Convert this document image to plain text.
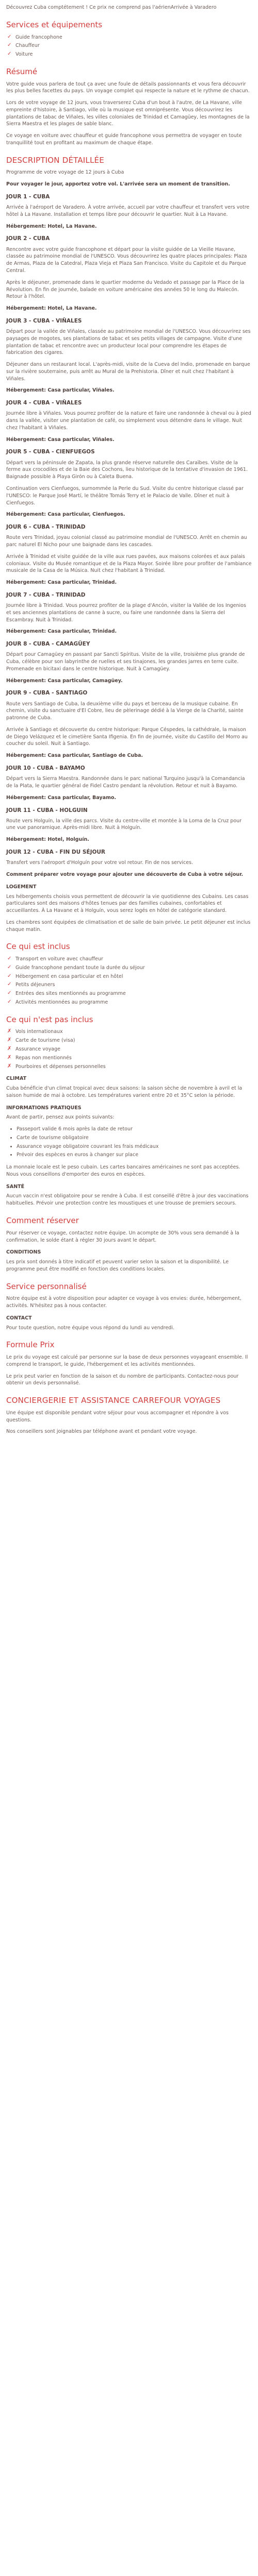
Découvrez Cuba comptétement ! Ce prix ne comprend pas l'aérienArrivée à Varadero

Services et équipements
✓ Guide francophone
✓ Chauffeur
✓ Voiture
Résumé

Votre guide vous parlera de tout ça avec une foule de détails passionnants et vous fera découvrir les plus belles facettes du pays. Un voyage complet qui respecte la nature et le rythme de chacun.

Lors de votre voyage de 12 jours, vous traverserez Cuba d'un bout à l'autre, de La Havane, ville empreinte d'histoire, à Santiago, ville où la musique est omniprésente. Vous découvrirez les plantations de tabac de Viñales, les villes coloniales de Trinidad et Camagüey, les montagnes de la Sierra Maestra et les plages de sable blanc.

Ce voyage en voiture avec chauffeur et guide francophone vous permettra de voyager en toute tranquillité tout en profitant au maximum de chaque étape.

DESCRIPTION DÉTAILLÉE

Programme de votre voyage de 12 jours à Cuba

Pour voyager le jour, apportez votre vol. L'arrivée sera un moment de transition.

JOUR 1 - CUBA

Arrivée à l'aéroport de Varadero. À votre arrivée, accueil par votre chauffeur et transfert vers votre hôtel à La Havane. Installation et temps libre pour découvrir le quartier. Nuit à La Havane.

Hébergement: Hotel, La Havane.

JOUR 2 - CUBA

Rencontre avec votre guide francophone et départ pour la visite guidée de La Vieille Havane, classée au patrimoine mondial de l'UNESCO. Vous découvrirez les quatre places principales: Plaza de Armas, Plaza de la Catedral, Plaza Vieja et Plaza San Francisco. Visite du Capitole et du Parque Central.

Après le déjeuner, promenade dans le quartier moderne du Vedado et passage par la Place de la Révolution. En fin de journée, balade en voiture américaine des années 50 le long du Malecón. Retour à l'hôtel.

Hébergement: Hotel, La Havane.

JOUR 3 - CUBA - VIÑALES

Départ pour la vallée de Viñales, classée au patrimoine mondial de l'UNESCO. Vous découvrirez ses paysages de mogotes, ses plantations de tabac et ses petits villages de campagne. Visite d'une plantation de tabac et rencontre avec un producteur local pour comprendre les étapes de fabrication des cigares.

Déjeuner dans un restaurant local. L'après-midi, visite de la Cueva del Indio, promenade en barque sur la rivière souterraine, puis arrêt au Mural de la Prehistoria. Dîner et nuit chez l'habitant à Viñales.

Hébergement: Casa particular, Viñales.

JOUR 4 - CUBA - VIÑALES

Journée libre à Viñales. Vous pourrez profiter de la nature et faire une randonnée à cheval ou à pied dans la vallée, visiter une plantation de café, ou simplement vous détendre dans le village. Nuit chez l'habitant à Viñales.

Hébergement: Casa particular, Viñales.

JOUR 5 - CUBA - CIENFUEGOS

Départ vers la péninsule de Zapata, la plus grande réserve naturelle des Caraïbes. Visite de la ferme aux crocodiles et de la Baie des Cochons, lieu historique de la tentative d'invasion de 1961. Baignade possible à Playa Girón ou à Caleta Buena.

Continuation vers Cienfuegos, surnommée la Perle du Sud. Visite du centre historique classé par l'UNESCO: le Parque José Martí, le théâtre Tomás Terry et le Palacio de Valle. Dîner et nuit à Cienfuegos.

Hébergement: Casa particular, Cienfuegos.

JOUR 6 - CUBA - TRINIDAD

Route vers Trinidad, joyau colonial classé au patrimoine mondial de l'UNESCO. Arrêt en chemin au parc naturel El Nicho pour une baignade dans les cascades.

Arrivée à Trinidad et visite guidée de la ville aux rues pavées, aux maisons colorées et aux palais coloniaux. Visite du Musée romantique et de la Plaza Mayor. Soirée libre pour profiter de l'ambiance musicale de la Casa de la Música. Nuit chez l'habitant à Trinidad.

Hébergement: Casa particular, Trinidad.

JOUR 7 - CUBA - TRINIDAD

Journée libre à Trinidad. Vous pourrez profiter de la plage d'Ancón, visiter la Vallée de los Ingenios et ses anciennes plantations de canne à sucre, ou faire une randonnée dans la Sierra del Escambray. Nuit à Trinidad.

Hébergement: Casa particular, Trinidad.

JOUR 8 - CUBA - CAMAGÜEY

Départ pour Camagüey en passant par Sancti Spíritus. Visite de la ville, troisième plus grande de Cuba, célèbre pour son labyrinthe de ruelles et ses tinajones, les grandes jarres en terre cuite. Promenade en bicitaxi dans le centre historique. Nuit à Camagüey.

Hébergement: Casa particular, Camagüey.

JOUR 9 - CUBA - SANTIAGO

Route vers Santiago de Cuba, la deuxième ville du pays et berceau de la musique cubaine. En chemin, visite du sanctuaire d'El Cobre, lieu de pèlerinage dédié à la Vierge de la Charité, sainte patronne de Cuba.

Arrivée à Santiago et découverte du centre historique: Parque Céspedes, la cathédrale, la maison de Diego Velázquez et le cimetière Santa Ifigenia. En fin de journée, visite du Castillo del Morro au coucher du soleil. Nuit à Santiago.

Hébergement: Casa particular, Santiago de Cuba.

JOUR 10 - CUBA - BAYAMO

Départ vers la Sierra Maestra. Randonnée dans le parc national Turquino jusqu'à la Comandancia de la Plata, le quartier général de Fidel Castro pendant la révolution. Retour et nuit à Bayamo.

Hébergement: Casa particular, Bayamo.

JOUR 11 - CUBA - HOLGUIN

Route vers Holguín, la ville des parcs. Visite du centre-ville et montée à la Loma de la Cruz pour une vue panoramique. Après-midi libre. Nuit à Holguín.

Hébergement: Hotel, Holguín.

JOUR 12 - CUBA - FIN DU SÉJOUR

Transfert vers l'aéroport d'Holguín pour votre vol retour. Fin de nos services.

Comment préparer votre voyage pour ajouter une découverte de Cuba à votre séjour.

LOGEMENT

Les hébergements choisis vous permettent de découvrir la vie quotidienne des Cubains. Les casas particulares sont des maisons d'hôtes tenues par des familles cubaines, confortables et accueillantes. À La Havane et à Holguín, vous serez logés en hôtel de catégorie standard.

Les chambres sont équipées de climatisation et de salle de bain privée. Le petit déjeuner est inclus chaque matin.

Ce qui est inclus
✓ Transport en voiture avec chauffeur
✓ Guide francophone pendant toute la durée du séjour
✓ Hébergement en casa particular et en hôtel
✓ Petits déjeuners
✓ Entrées des sites mentionnés au programme
✓ Activités mentionnées au programme
Ce qui n'est pas inclus
✗ Vols internationaux
✗ Carte de tourisme (visa)
✗ Assurance voyage
✗ Repas non mentionnés
✗ Pourboires et dépenses personnelles
CLIMAT

Cuba bénéficie d'un climat tropical avec deux saisons: la saison sèche de novembre à avril et la saison humide de mai à octobre. Les températures varient entre 20 et 35°C selon la période.

INFORMATIONS PRATIQUES

Avant de partir, pensez aux points suivants:

• Passeport valide 6 mois après la date de retour
• Carte de tourisme obligatoire
• Assurance voyage obligatoire couvrant les frais médicaux
• Prévoir des espèces en euros à changer sur place

La monnaie locale est le peso cubain. Les cartes bancaires américaines ne sont pas acceptées. Nous vous conseillons d'emporter des euros en espèces.

SANTÉ

Aucun vaccin n'est obligatoire pour se rendre à Cuba. Il est conseillé d'être à jour des vaccinations habituelles. Prévoir une protection contre les moustiques et une trousse de premiers secours.

Comment réserver

Pour réserver ce voyage, contactez notre équipe. Un acompte de 30% vous sera demandé à la confirmation, le solde étant à régler 30 jours avant le départ.

CONDITIONS

Les prix sont donnés à titre indicatif et peuvent varier selon la saison et la disponibilité. Le programme peut être modifié en fonction des conditions locales.

Service personnalisé

Notre équipe est à votre disposition pour adapter ce voyage à vos envies: durée, hébergement, activités. N'hésitez pas à nous contacter.

CONTACT

Pour toute question, notre équipe vous répond du lundi au vendredi.

Formule Prix

Le prix du voyage est calculé par personne sur la base de deux personnes voyageant ensemble. Il comprend le transport, le guide, l'hébergement et les activités mentionnées.

Le prix peut varier en fonction de la saison et du nombre de participants. Contactez-nous pour obtenir un devis personnalisé.

CONCIERGERIE ET ASSISTANCE CARREFOUR VOYAGES

Une équipe est disponible pendant votre séjour pour vous accompagner et répondre à vos questions.

Nos conseillers sont joignables par téléphone avant et pendant votre voyage.
